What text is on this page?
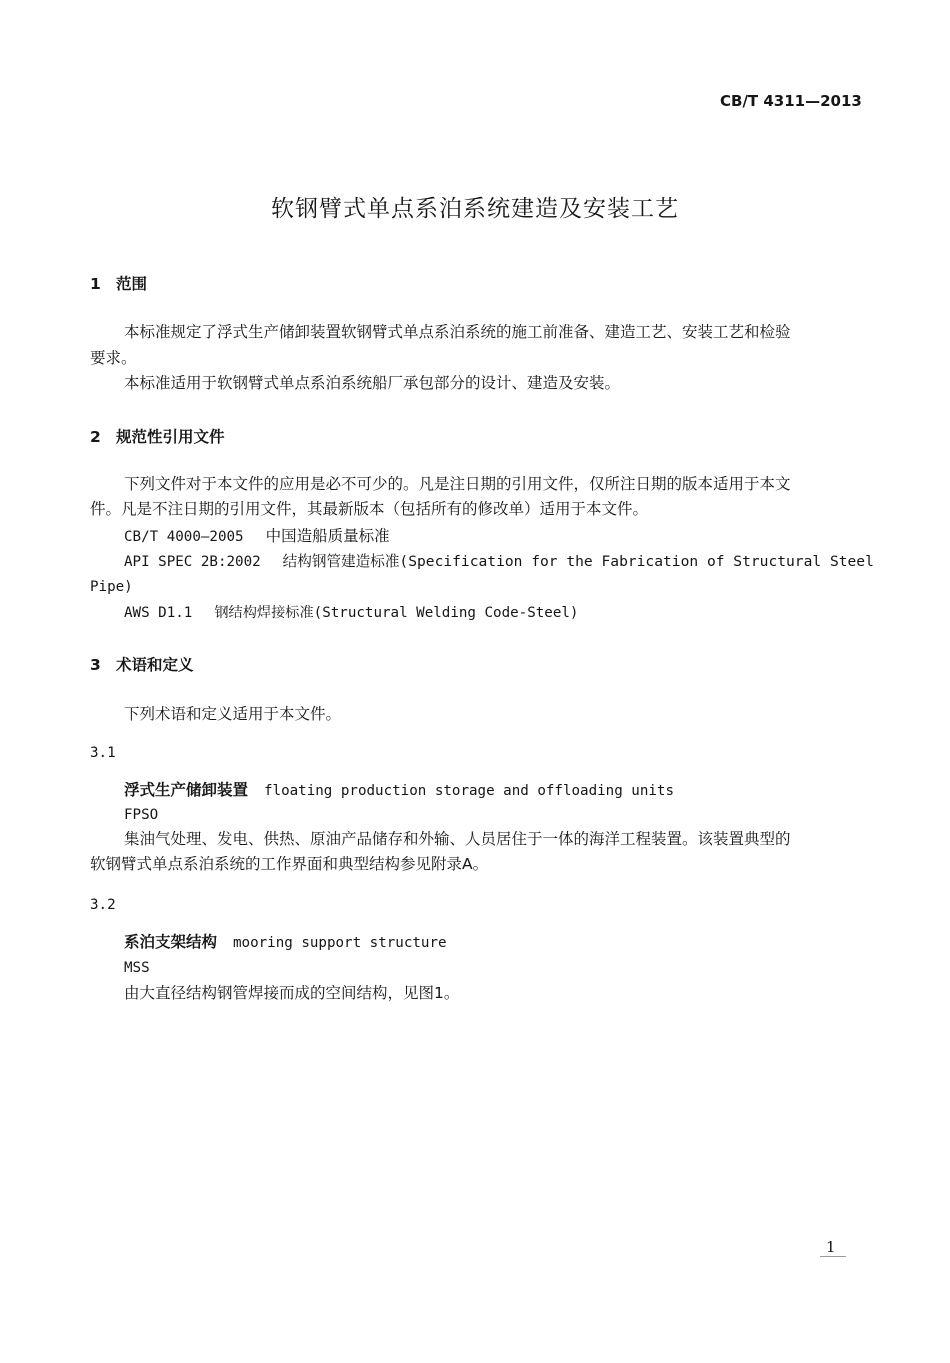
CB/T 4311—2013
软钢臂式单点系泊系统建造及安装工艺
1 范围
本标准规定了浮式生产储卸装置软钢臂式单点系泊系统的施工前准备、建造工艺、安装工艺和检验
要求。
本标准适用于软钢臂式单点系泊系统船厂承包部分的设计、建造及安装。
2 规范性引用文件
下列文件对于本文件的应用是必不可少的。凡是注日期的引用文件，仅所注日期的版本适用于本文
件。凡是不注日期的引用文件，其最新版本（包括所有的修改单）适用于本文件。
CB/T 4000—2005 中国造船质量标准
API SPEC 2B:2002 结构钢管建造标准(Specification for the Fabrication of Structural Steel
Pipe)
AWS D1.1 钢结构焊接标准(Structural Welding Code-Steel)
3 术语和定义
下列术语和定义适用于本文件。
3.1
浮式生产储卸装置 floating production storage and offloading units
FPSO
集油气处理、发电、供热、原油产品储存和外输、人员居住于一体的海洋工程装置。该装置典型的
软钢臂式单点系泊系统的工作界面和典型结构参见附录A。
3.2
系泊支架结构 mooring support structure
MSS
由大直径结构钢管焊接而成的空间结构，见图1。
1
